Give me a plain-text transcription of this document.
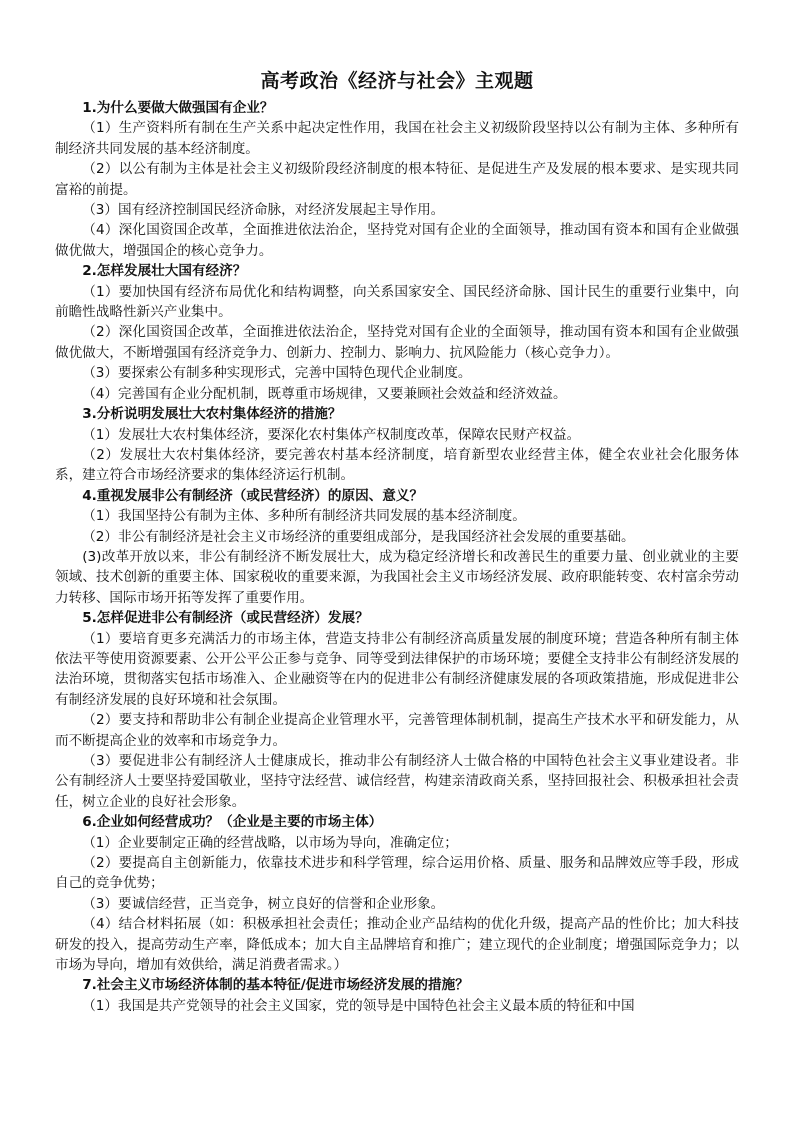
高考政治《经济与社会》主观题
1.为什么要做大做强国有企业？

（1）生产资料所有制在生产关系中起决定性作用，我国在社会主义初级阶段坚持以公有制为主体、多种所有制经济共同发展的基本经济制度。

（2）以公有制为主体是社会主义初级阶段经济制度的根本特征、是促进生产及发展的根本要求、是实现共同富裕的前提。

（3）国有经济控制国民经济命脉，对经济发展起主导作用。

（4）深化国资国企改革，全面推进依法治企，坚持党对国有企业的全面领导，推动国有资本和国有企业做强做优做大，增强国企的核心竞争力。

2.怎样发展壮大国有经济？

（1）要加快国有经济布局优化和结构调整，向关系国家安全、国民经济命脉、国计民生的重要行业集中，向前瞻性战略性新兴产业集中。

（2）深化国资国企改革，全面推进依法治企，坚持党对国有企业的全面领导，推动国有资本和国有企业做强做优做大，不断增强国有经济竞争力、创新力、控制力、影响力、抗风险能力（核心竞争力）。

（3）要探索公有制多种实现形式，完善中国特色现代企业制度。

（4）完善国有企业分配机制，既尊重市场规律，又要兼顾社会效益和经济效益。

3.分析说明发展壮大农村集体经济的措施？

（1）发展壮大农村集体经济，要深化农村集体产权制度改革，保障农民财产权益。

（2）发展壮大农村集体经济，要完善农村基本经济制度，培育新型农业经营主体，健全农业社会化服务体系，建立符合市场经济要求的集体经济运行机制。

4.重视发展非公有制经济（或民营经济）的原因、意义？

（1）我国坚持公有制为主体、多种所有制经济共同发展的基本经济制度。

（2）非公有制经济是社会主义市场经济的重要组成部分，是我国经济社会发展的重要基础。

(3)改革开放以来，非公有制经济不断发展壮大，成为稳定经济增长和改善民生的重要力量、创业就业的主要领域、技术创新的重要主体、国家税收的重要来源，为我国社会主义市场经济发展、政府职能转变、农村富余劳动力转移、国际市场开拓等发挥了重要作用。

5.怎样促进非公有制经济（或民营经济）发展？

（1）要培育更多充满活力的市场主体，营造支持非公有制经济高质量发展的制度环境；营造各种所有制主体依法平等使用资源要素、公开公平公正参与竞争、同等受到法律保护的市场环境；要健全支持非公有制经济发展的法治环境，贯彻落实包括市场准入、企业融资等在内的促进非公有制经济健康发展的各项政策措施，形成促进非公有制经济发展的良好环境和社会氛围。

（2）要支持和帮助非公有制企业提高企业管理水平，完善管理体制机制，提高生产技术水平和研发能力，从而不断提高企业的效率和市场竞争力。

（3）要促进非公有制经济人士健康成长，推动非公有制经济人士做合格的中国特色社会主义事业建设者。非公有制经济人士要坚持爱国敬业，坚持守法经营、诚信经营，构建亲清政商关系，坚持回报社会、积极承担社会责任，树立企业的良好社会形象。

6.企业如何经营成功？（企业是主要的市场主体）

（1）企业要制定正确的经营战略，以市场为导向，准确定位；

（2）要提高自主创新能力，依靠技术进步和科学管理，综合运用价格、质量、服务和品牌效应等手段，形成自己的竞争优势；

（3）要诚信经营，正当竞争，树立良好的信誉和企业形象。

（4）结合材料拓展（如：积极承担社会责任；推动企业产品结构的优化升级，提高产品的性价比；加大科技研发的投入，提高劳动生产率，降低成本；加大自主品牌培育和推广；建立现代的企业制度；增强国际竞争力；以市场为导向，增加有效供给，满足消费者需求。）

7.社会主义市场经济体制的基本特征/促进市场经济发展的措施？

（1）我国是共产党领导的社会主义国家，党的领导是中国特色社会主义最本质的特征和中国
